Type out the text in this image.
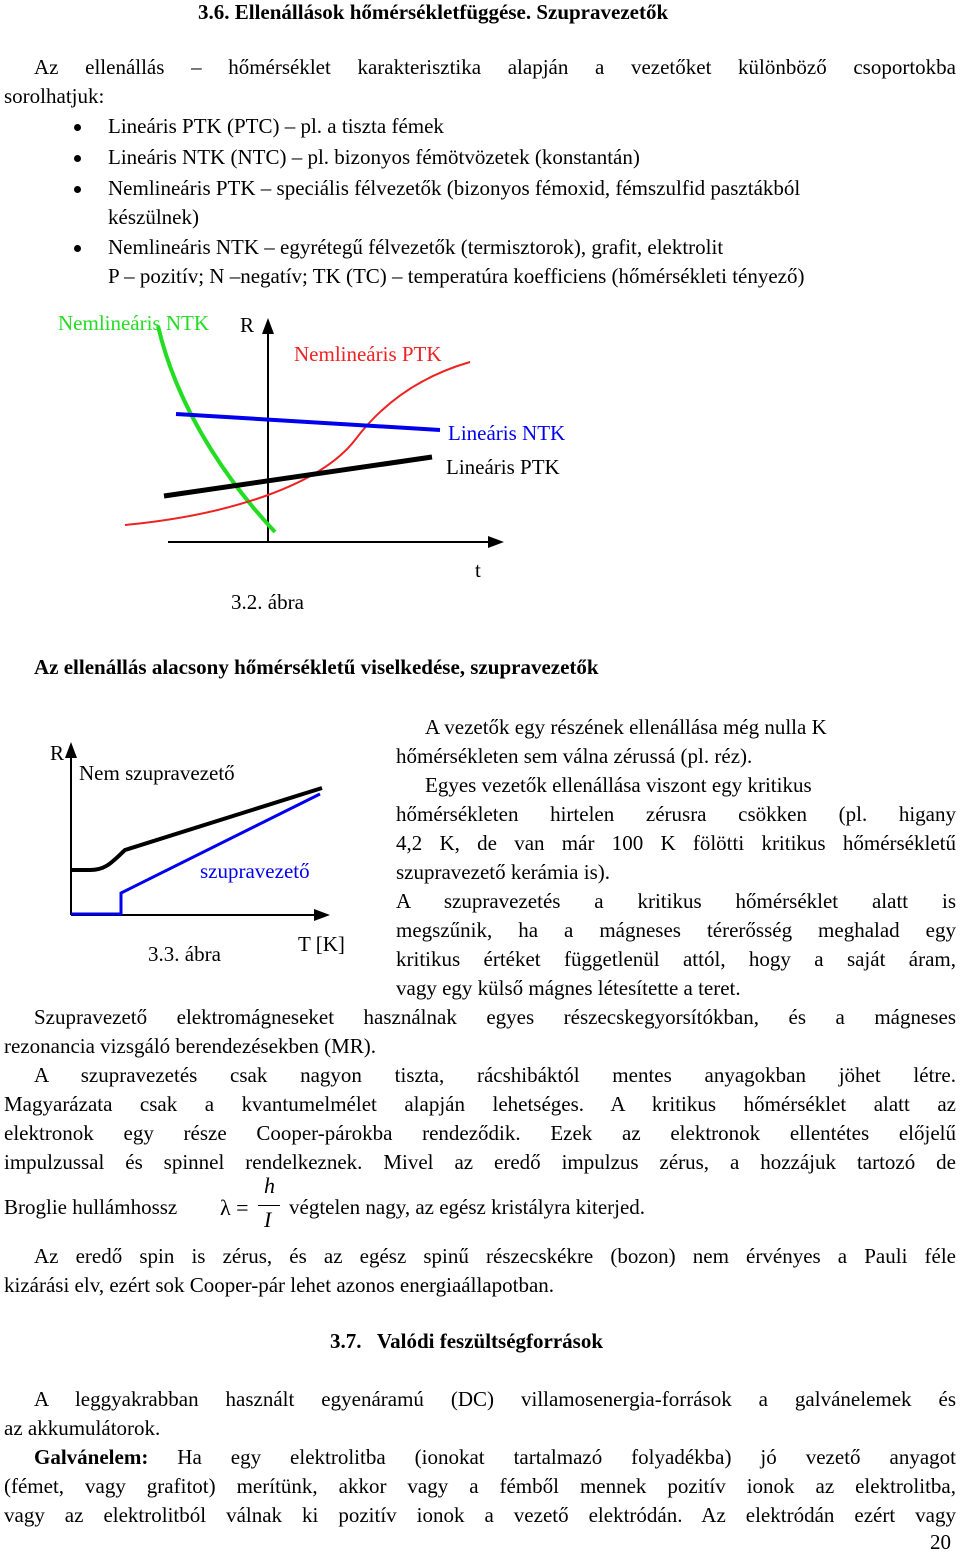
3.6. Ellenállások hőmérsékletfüggése. Szupravezetők
Az ellenállás – hőmérséklet karakterisztika alapján a vezetőket különböző csoportokba
sorolhatjuk:
Lineáris PTK (PTC) – pl. a tiszta fémek
Lineáris NTK (NTC) – pl. bizonyos fémötvözetek (konstantán)
Nemlineáris PTK – speciális félvezetők (bizonyos fémoxid, fémszulfid pasztákból
készülnek)
Nemlineáris NTK – egyrétegű félvezetők (termisztorok), grafit, elektrolit
P – pozitív; N –negatív; TK (TC) – temperatúra koefficiens (hőmérsékleti tényező)
Nemlineáris NTK R
Nemlineáris PTK
Lineáris NTK
Lineáris PTK
t
3.2. ábra
Az ellenállás alacsony hőmérsékletű viselkedése, szupravezetők
R
Nem szupravezető
szupravezető
T [K]
3.3. ábra
A vezetők egy részének ellenállása még nulla K
hőmérsékleten sem válna zérussá (pl. réz).
Egyes vezetők ellenállása viszont egy kritikus
hőmérsékleten hirtelen zérusra csökken (pl. higany
4,2 K, de van már 100 K fölötti kritikus hőmérsékletű
szupravezető kerámia is).
A szupravezetés a kritikus hőmérséklet alatt is
megszűnik, ha a mágneses térerősség meghalad egy
kritikus értéket függetlenül attól, hogy a saját áram,
vagy egy külső mágnes létesítette a teret.
Szupravezető elektromágneseket használnak egyes részecskegyorsítókban, és a mágneses
rezonancia vizsgáló berendezésekben (MR).
A szupravezetés csak nagyon tiszta, rácshibáktól mentes anyagokban jöhet létre.
Magyarázata csak a kvantumelmélet alapján lehetséges. A kritikus hőmérséklet alatt az
elektronok egy része Cooper-párokba rendeződik. Ezek az elektronok ellentétes előjelű
impulzussal és spinnel rendelkeznek. Mivel az eredő impulzus zérus, a hozzájuk tartozó de
Broglie hullámhossz λ =
h
I végtelen nagy, az egész kristályra kiterjed.
Az eredő spin is zérus, és az egész spinű részecskékre (bozon) nem érvényes a Pauli féle
kizárási elv, ezért sok Cooper-pár lehet azonos energiaállapotban.
3.7.   Valódi feszültségforrások
A leggyakrabban használt egyenáramú (DC) villamosenergia-források a galvánelemek és
az akkumulátorok.
Galvánelem: Ha egy elektrolitba (ionokat tartalmazó folyadékba) jó vezető anyagot
(fémet, vagy grafitot) merítünk, akkor vagy a fémből mennek pozitív ionok az elektrolitba,
vagy az elektrolitból válnak ki pozitív ionok a vezető elektródán. Az elektródán ezért vagy
20
